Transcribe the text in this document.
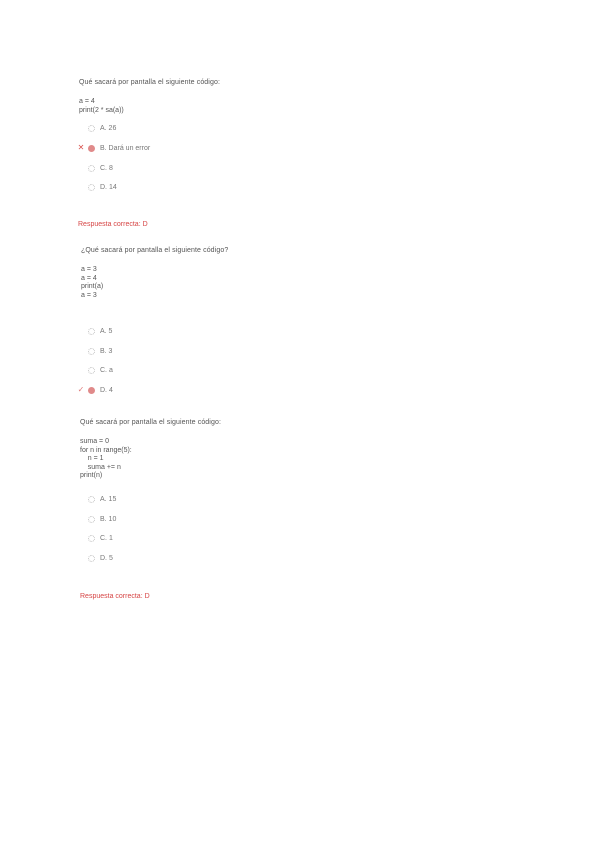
Qué sacará por pantalla el siguiente código:
a = 4
print(2 * sa(a))
A. 26
✕ B. Dará un error
C. 8
D. 14
Respuesta correcta: D
¿Qué sacará por pantalla el siguiente código?
a = 3
a = 4
print(a)
a = 3
A. 5
B. 3
C. a
✓ D. 4
Qué sacará por pantalla el siguiente código:
suma = 0
for n in range(5):
n = 1
suma += n
print(n)
A. 15
B. 10
C. 1
D. 5
Respuesta correcta: D
